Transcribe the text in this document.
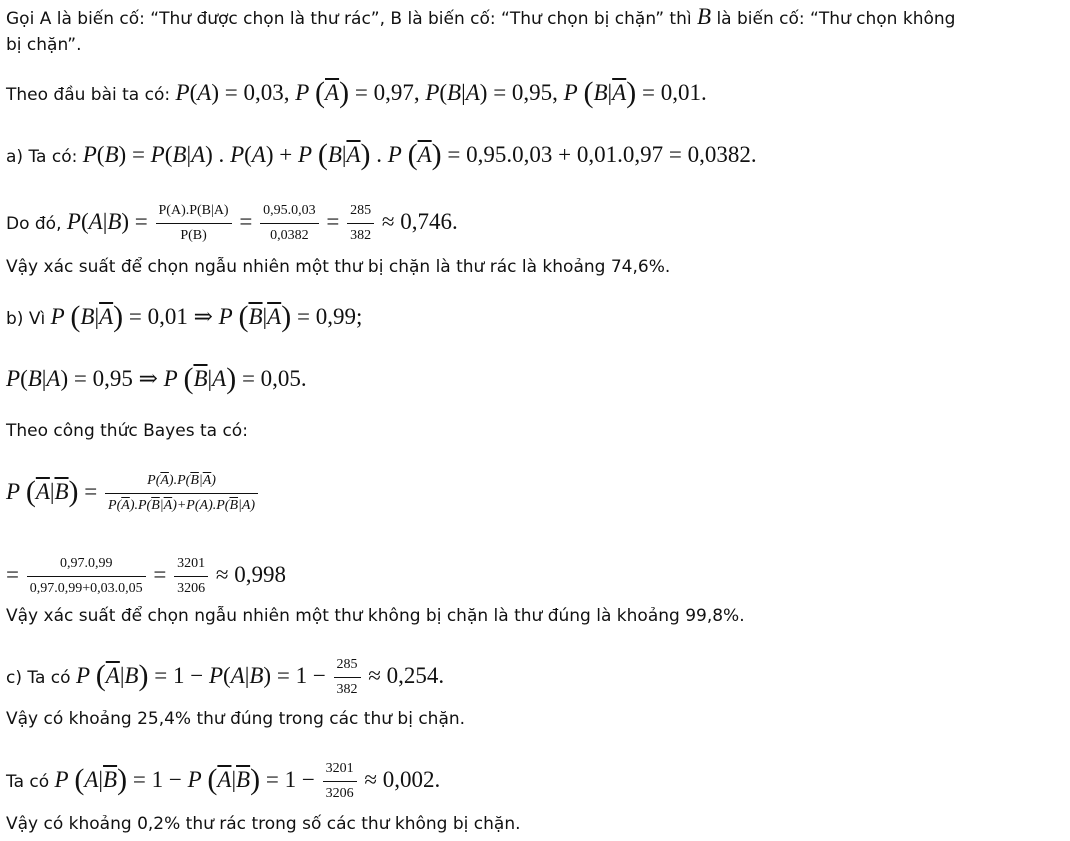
Gọi A là biến cố: “Thư được chọn là thư rác”, B là biến cố: “Thư chọn bị chặn” thì B là biến cố: “Thư chọn không
bị chặn”.
Theo đầu bài ta có: P(A) = 0,03, P $(\overline{A}) = 0,97$, P(B|A) = 0,95, P $(B|\overline{A}) = 0,01$.
a) Ta có: P(B) = P(B|A) . P(A) + P $(B|\overline{A})$ . P $(\overline{A}) = 0,95.0,03 + 0,01.0,97 = 0,0382$.
Do đó, $P(A|B) = \frac{P(A).P(B|A)}{P(B)} = \frac{0,95.0,03}{0,0382} = \frac{285}{382} \approx 0,746$.
Vậy xác suất để chọn ngẫu nhiên một thư bị chặn là thư rác là khoảng 74,6%.
b) Vì P $(B|\overline{A}) = 0,01$ ⇒ P $(\overline{B}|\overline{A}) = 0,99$;
P(B|A) = 0,95 ⇒ P $(\overline{B}|A) = 0,05$.
Theo công thức Bayes ta có:
P $(\overline{A}|\overline{B}) = \frac{P(\overline{A}).P(\overline{B}|\overline{A})}{P(\overline{A}).P(\overline{B}|\overline{A})+P(A).P(\overline{B}|A)}$
= $\frac{0,97.0,99}{0,97.0,99+0,03.0,05} = \frac{3201}{3206} \approx 0,998$
Vậy xác suất để chọn ngẫu nhiên một thư không bị chặn là thư đúng là khoảng 99,8%.
c) Ta có P $(\overline{A}|B) = 1 - P(A|B) = 1 - \frac{285}{382} \approx 0,254$.
Vậy có khoảng 25,4% thư đúng trong các thư bị chặn.
Ta có P $(A|\overline{B}) = 1 - P$ $(\overline{A}|\overline{B}) = 1 - \frac{3201}{3206} \approx 0,002$.
Vậy có khoảng 0,2% thư rác trong số các thư không bị chặn.
